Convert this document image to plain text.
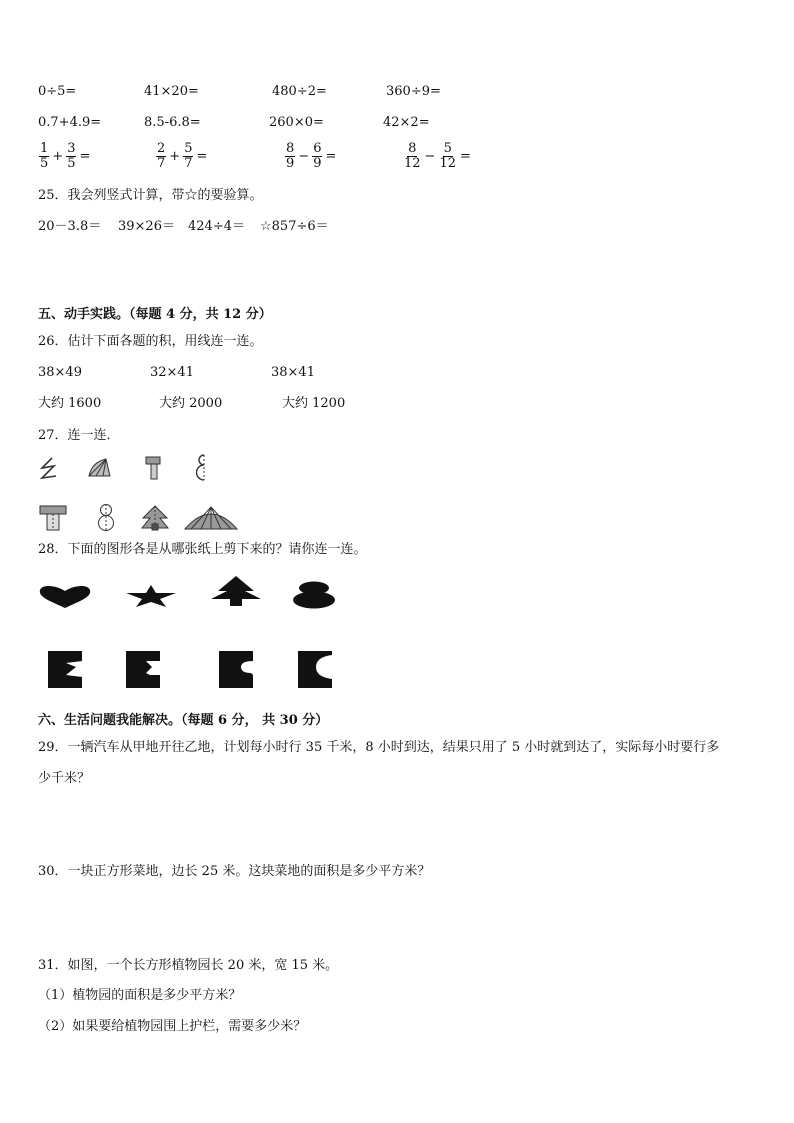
0÷5=	41×20=	480÷2=	360÷9=
0.7+4.9=	8.5-6.8=	260×0=	42×2=
$\frac{1}{5} + \frac{3}{5}$ =	$\frac{2}{7} + \frac{5}{7}$ =	$\frac{8}{9} - \frac{6}{9}$ =	$\frac{8}{12} - \frac{5}{12}$ =
25．我会列竖式计算，带☆的要验算。
20－3.8＝ 39×26＝ 424÷4＝ ☆857÷6＝
五、动手实践。（每题 4 分，共 12 分）
26．估计下面各题的积，用线连一连。
38×49	32×41	38×41
大约 1600	大约 2000	大约 1200
27．连一连．
28．下面的图形各是从哪张纸上剪下来的？请你连一连。
六、生活问题我能解决。（每题 6 分， 共 30 分）
29．一辆汽车从甲地开往乙地，计划每小时行 35 千米，8 小时到达，结果只用了 5 小时就到达了，实际每小时要行多
少千米？
30．一块正方形菜地，边长 25 米。这块菜地的面积是多少平方米？
31．如图，一个长方形植物园长 20 米，宽 15 米。
（1）植物园的面积是多少平方米？
（2）如果要给植物园围上护栏，需要多少米？
